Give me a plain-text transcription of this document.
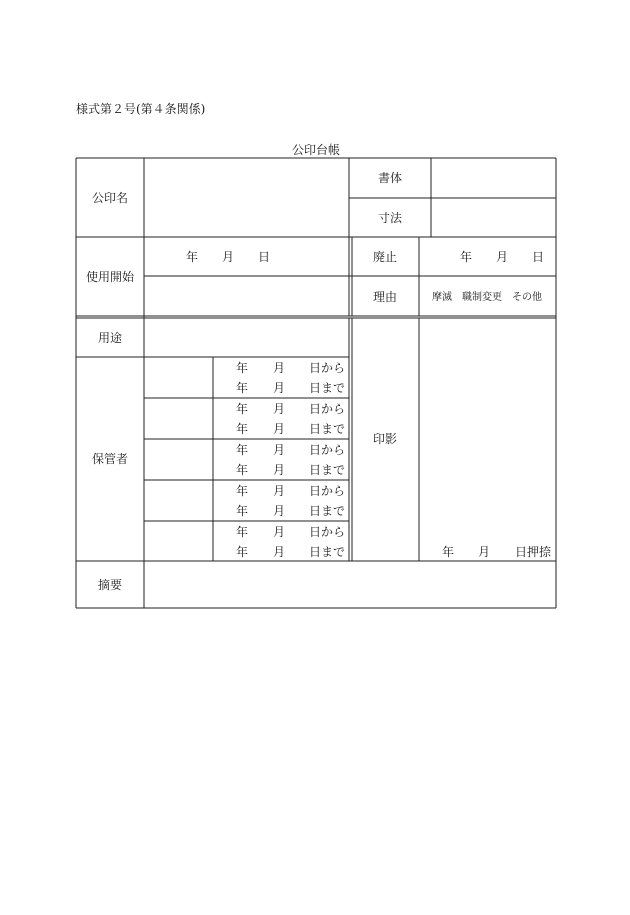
様式第２号(第４条関係)
公印台帳
公印名
書体
寸法
使用開始
廃止
理由
用途
保管者
印影
摘要
年 月 日	年 月 日
摩滅　職制変更　その他
年 月 日から
年 月 日まで
年 月 日から
年 月 日まで
年 月 日から
年 月 日まで
年 月 日から
年 月 日まで
年 月 日から
年 月 日まで	年 月 日押捺
